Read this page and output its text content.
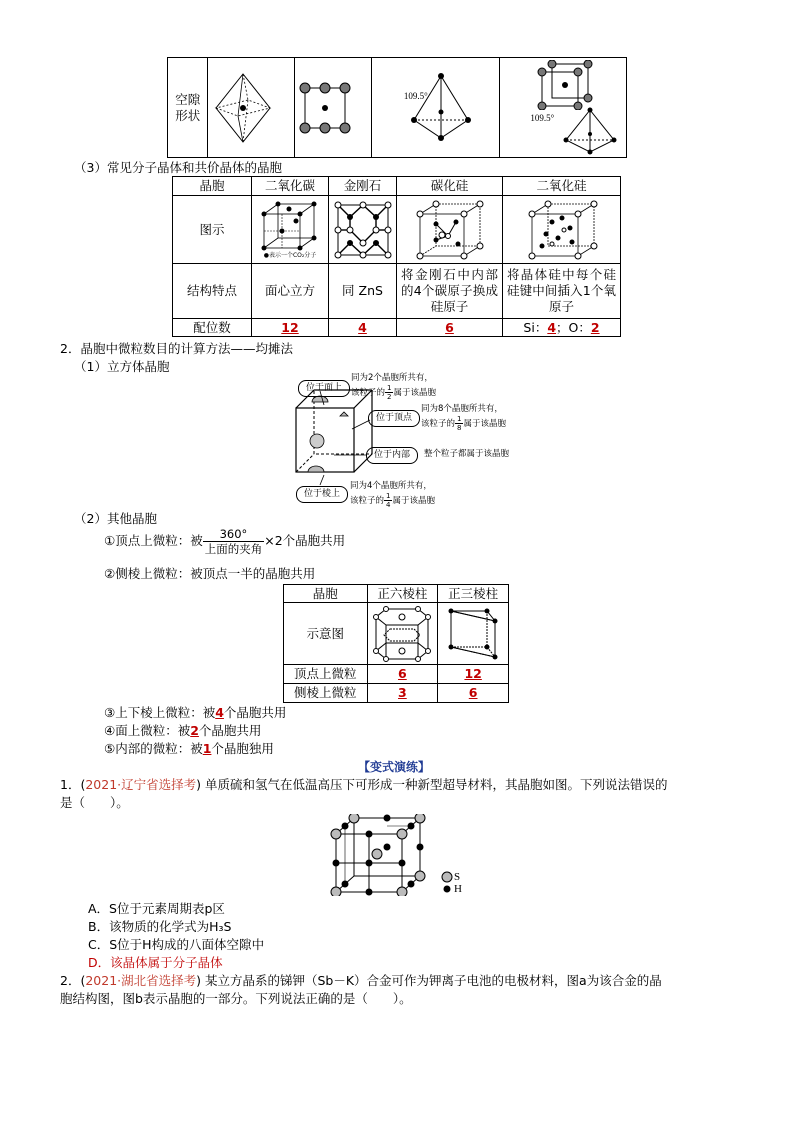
空隙
形状	

109.5°

109.5°
（3）常见分子晶体和共价晶体的晶胞
晶胞	二氧化碳	金刚石	碳化硅	二氧化硅
图示	●表示一个CO₂分子

结构特点	面心立方	同 ZnS	将金刚石中内部的4个碳原子换成硅原子	将晶体硅中每个硅硅键中间插入1个氧原子
配位数	12	4	6	Si：4；O：2
2．晶胞中微粒数目的计算方法——均摊法
（1）立方体晶胞
位于面上
同为2个晶胞所共有，
该粒子的 $\frac{1}{2}$ 属于该晶胞
位于顶点
同为8个晶胞所共有，
该粒子的 $\frac{1}{8}$ 属于该晶胞
位于内部	整个粒子都属于该晶胞
位于棱上
同为4个晶胞所共有，
该粒子的 $\frac{1}{4}$ 属于该晶胞
（2）其他晶胞
①顶点上微粒：被 $\frac{360^\circ}{\text{上面的夹角}} \times 2$个晶胞共用
②侧棱上微粒：被顶点一半的晶胞共用
晶胞	正六棱柱	正三棱柱
示意图	

顶点上微粒	6	12
侧棱上微粒	3	6
③上下棱上微粒：被4个晶胞共用
④面上微粒：被2个晶胞共用
⑤内部的微粒：被1个晶胞独用
【变式演练】
1．(2021·辽宁省选择考) 单质硫和氢气在低温高压下可形成一种新型超导材料，其晶胞如图。下列说法错误的
是（　　）。
S
H
A．S位于元素周期表p区
B．该物质的化学式为H₃S
C．S位于H构成的八面体空隙中
D．该晶体属于分子晶体
2．(2021·湖北省选择考) 某立方晶系的锑钾（Sb－K）合金可作为钾离子电池的电极材料，图a为该合金的晶
胞结构图，图b表示晶胞的一部分。下列说法正确的是（　　）。
